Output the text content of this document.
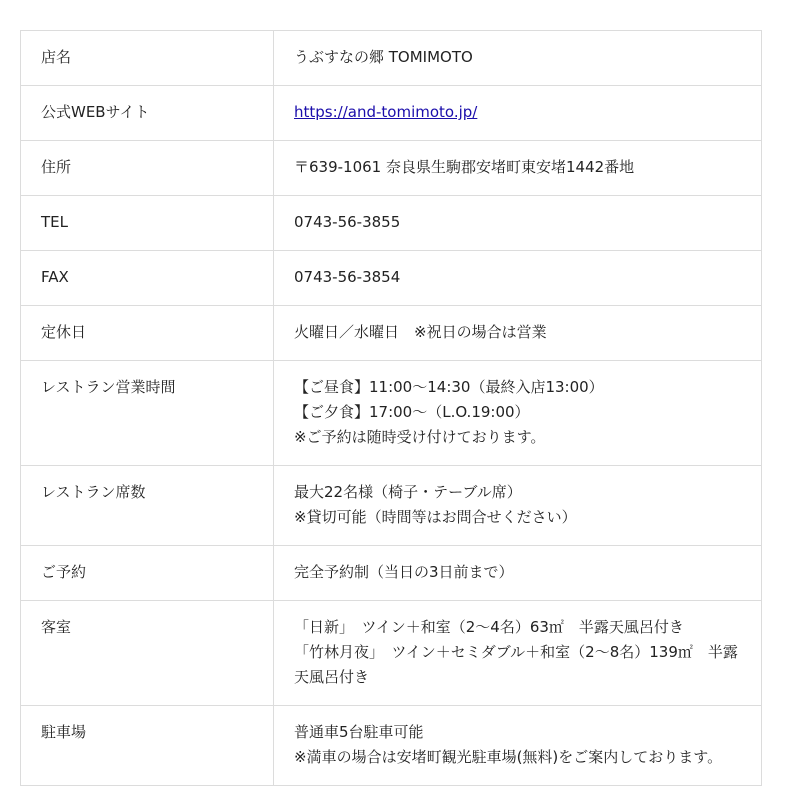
店名	うぶすなの郷 TOMIMOTO

公式WEBサイト	https://and-tomimoto.jp/
住所	〒639-1061 奈良県生駒郡安堵町東安堵1442番地

TEL	0743-56-3855

FAX	0743-56-3854

定休日	火曜日／水曜日　※祝日の場合は営業

レストラン営業時間	【ご昼食】11:00〜14:30（最終入店13:00）
【ご夕食】17:00〜（L.O.19:00）
※ご予約は随時受け付けております。

レストラン席数	最大22名様（椅子・テーブル席）
※貸切可能（時間等はお問合せください）

ご予約	完全予約制（当日の3日前まで）

客室	「日新」　ツイン＋和室（2〜4名）63㎡　半露天風呂付き
「竹林月夜」　ツイン＋セミダブル＋和室（2〜8名）139㎡　半露天風呂付き

駐車場	普通車5台駐車可能
※満車の場合は安堵町観光駐車場(無料)をご案内しております。
